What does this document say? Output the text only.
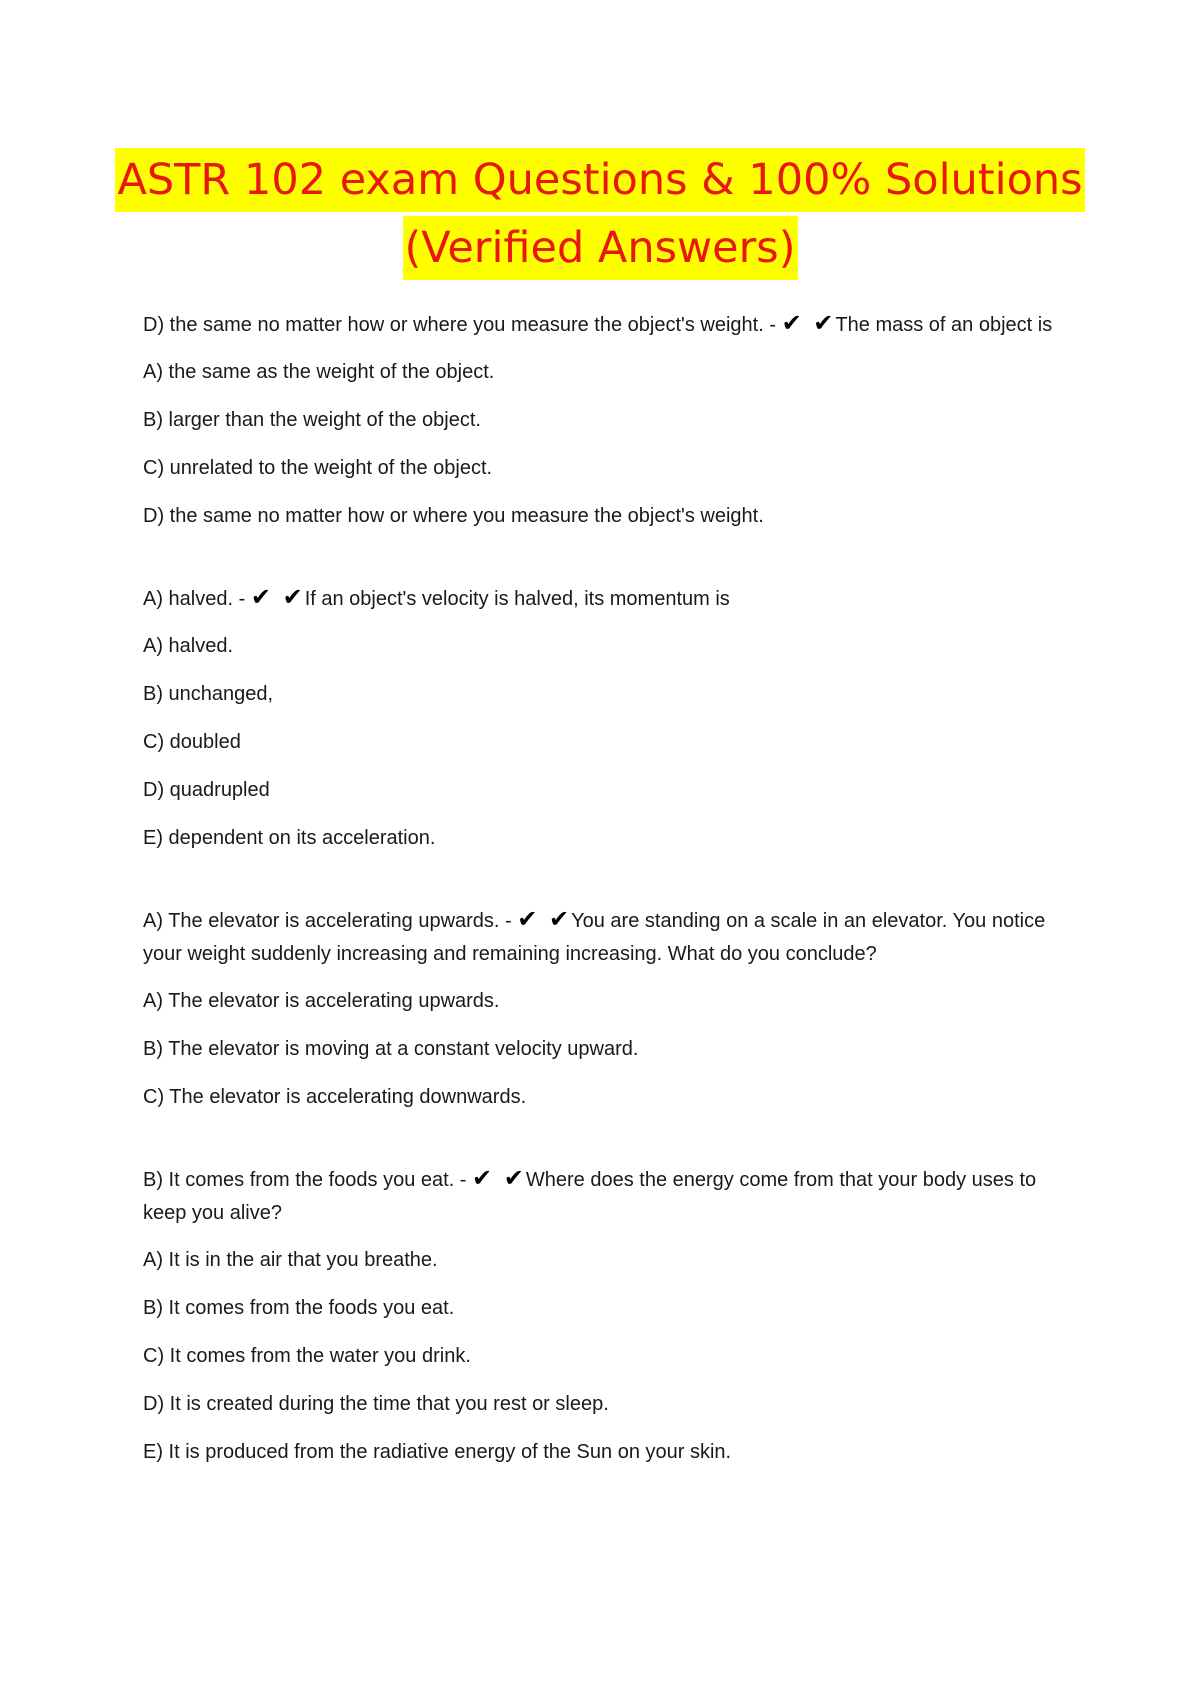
ASTR 102 exam Questions & 100% Solutions
(Verified Answers)

D) the same no matter how or where you measure the object's weight. - ✔ ✔The mass of an object is

A) the same as the weight of the object.

B) larger than the weight of the object.

C) unrelated to the weight of the object.

D) the same no matter how or where you measure the object's weight.

A) halved. - ✔ ✔If an object's velocity is halved, its momentum is

A) halved.

B) unchanged,

C) doubled

D) quadrupled

E) dependent on its acceleration.

A) The elevator is accelerating upwards. - ✔ ✔You are standing on a scale in an elevator. You notice your weight suddenly increasing and remaining increasing. What do you conclude?

A) The elevator is accelerating upwards.

B) The elevator is moving at a constant velocity upward.

C) The elevator is accelerating downwards.

B) It comes from the foods you eat. - ✔ ✔Where does the energy come from that your body uses to keep you alive?

A) It is in the air that you breathe.

B) It comes from the foods you eat.

C) It comes from the water you drink.

D) It is created during the time that you rest or sleep.

E) It is produced from the radiative energy of the Sun on your skin.
